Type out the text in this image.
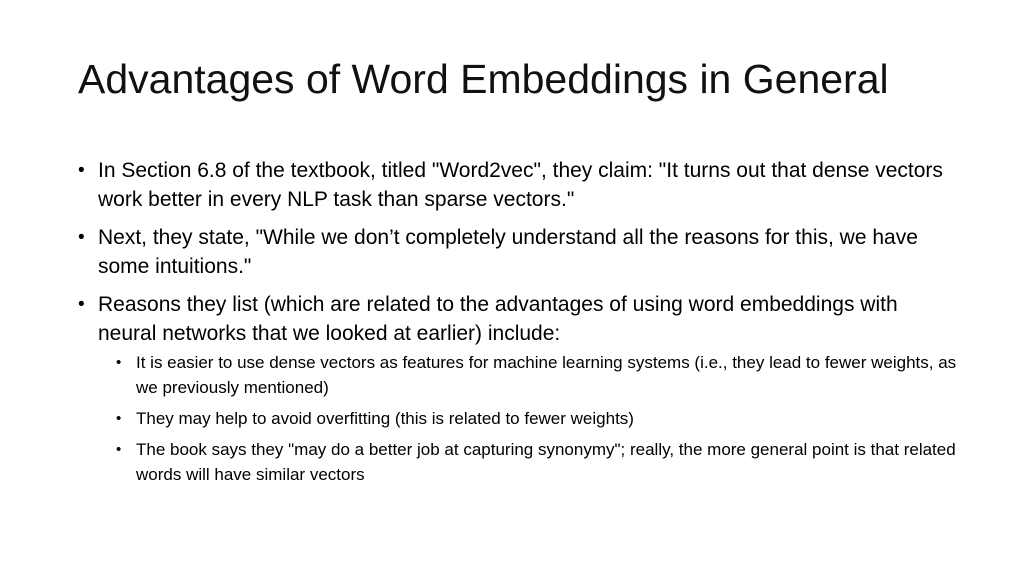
Advantages of Word Embeddings in General
• In Section 6.8 of the textbook, titled "Word2vec", they claim: "It turns out that dense vectors work better in every NLP task than sparse vectors."
• Next, they state, "While we don’t completely understand all the reasons for this, we have some intuitions."
• Reasons they list (which are related to the advantages of using word embeddings with neural networks that we looked at earlier) include:
• It is easier to use dense vectors as features for machine learning systems (i.e., they lead to fewer weights, as we previously mentioned)
• They may help to avoid overfitting (this is related to fewer weights)
• The book says they "may do a better job at capturing synonymy"; really, the more general point is that related words will have similar vectors
